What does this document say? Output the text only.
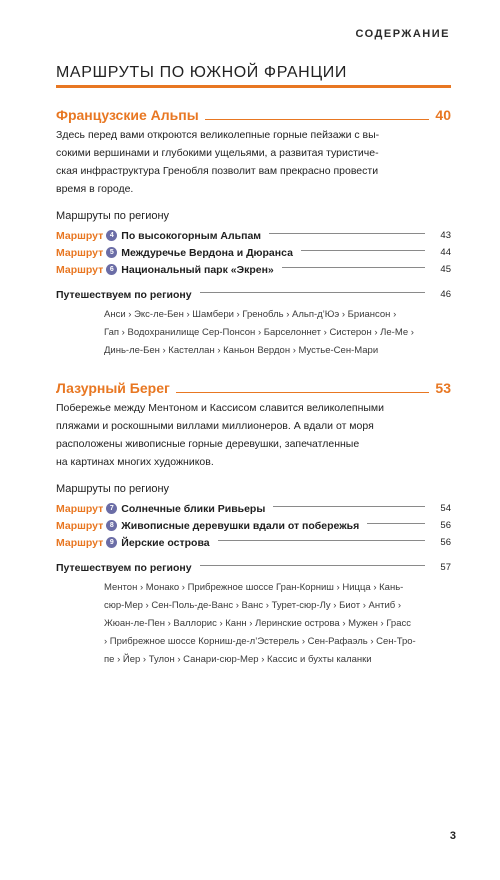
СОДЕРЖАНИЕ
МАРШРУТЫ ПО ЮЖНОЙ ФРАНЦИИ
Французские Альпы	40
Здесь перед вами откроются великолепные горные пейзажи с вы-
сокими вершинами и глубокими ущельями, а развитая туристиче-
ская инфраструктура Гренобля позволит вам прекрасно провести
время в городе.
Маршруты по региону
Маршрут 4 По высокогорным Альпам	43
Маршрут 5 Междуречье Вердона и Дюранса	44
Маршрут 6 Национальный парк «Экрен»	45
Путешествуем по региону	46
Анси › Экс-ле-Бен › Шамбери › Гренобль › Альп-д’Юэ › Бриансон ›
Гап › Водохранилище Сер-Понсон › Барселоннет › Систерон › Ле-Ме ›
Динь-ле-Бен › Кастеллан › Каньон Вердон › Мустье-Сен-Мари
Лазурный Берег	53
Побережье между Ментоном и Кассисом славится великолепными
пляжами и роскошными виллами миллионеров. А вдали от моря
расположены живописные горные деревушки, запечатленные
на картинах многих художников.
Маршруты по региону
Маршрут 7 Солнечные блики Ривьеры	54
Маршрут 8 Живописные деревушки вдали от побережья	56
Маршрут 9 Йерские острова	56
Путешествуем по региону	57
Ментон › Монако › Прибрежное шоссе Гран-Корниш › Ницца › Кань-
сюр-Мер › Сен-Поль-де-Ванс › Ванс › Турет-сюр-Лу › Биот › Антиб ›
Жюан-ле-Пен › Валлорис › Канн › Леринские острова › Мужен › Грасс
› Прибрежное шоссе Корниш-де-л’Эстерель › Сен-Рафаэль › Сен-Тро-
пе › Йер › Тулон › Санари-сюр-Мер › Кассис и бухты каланки
3
